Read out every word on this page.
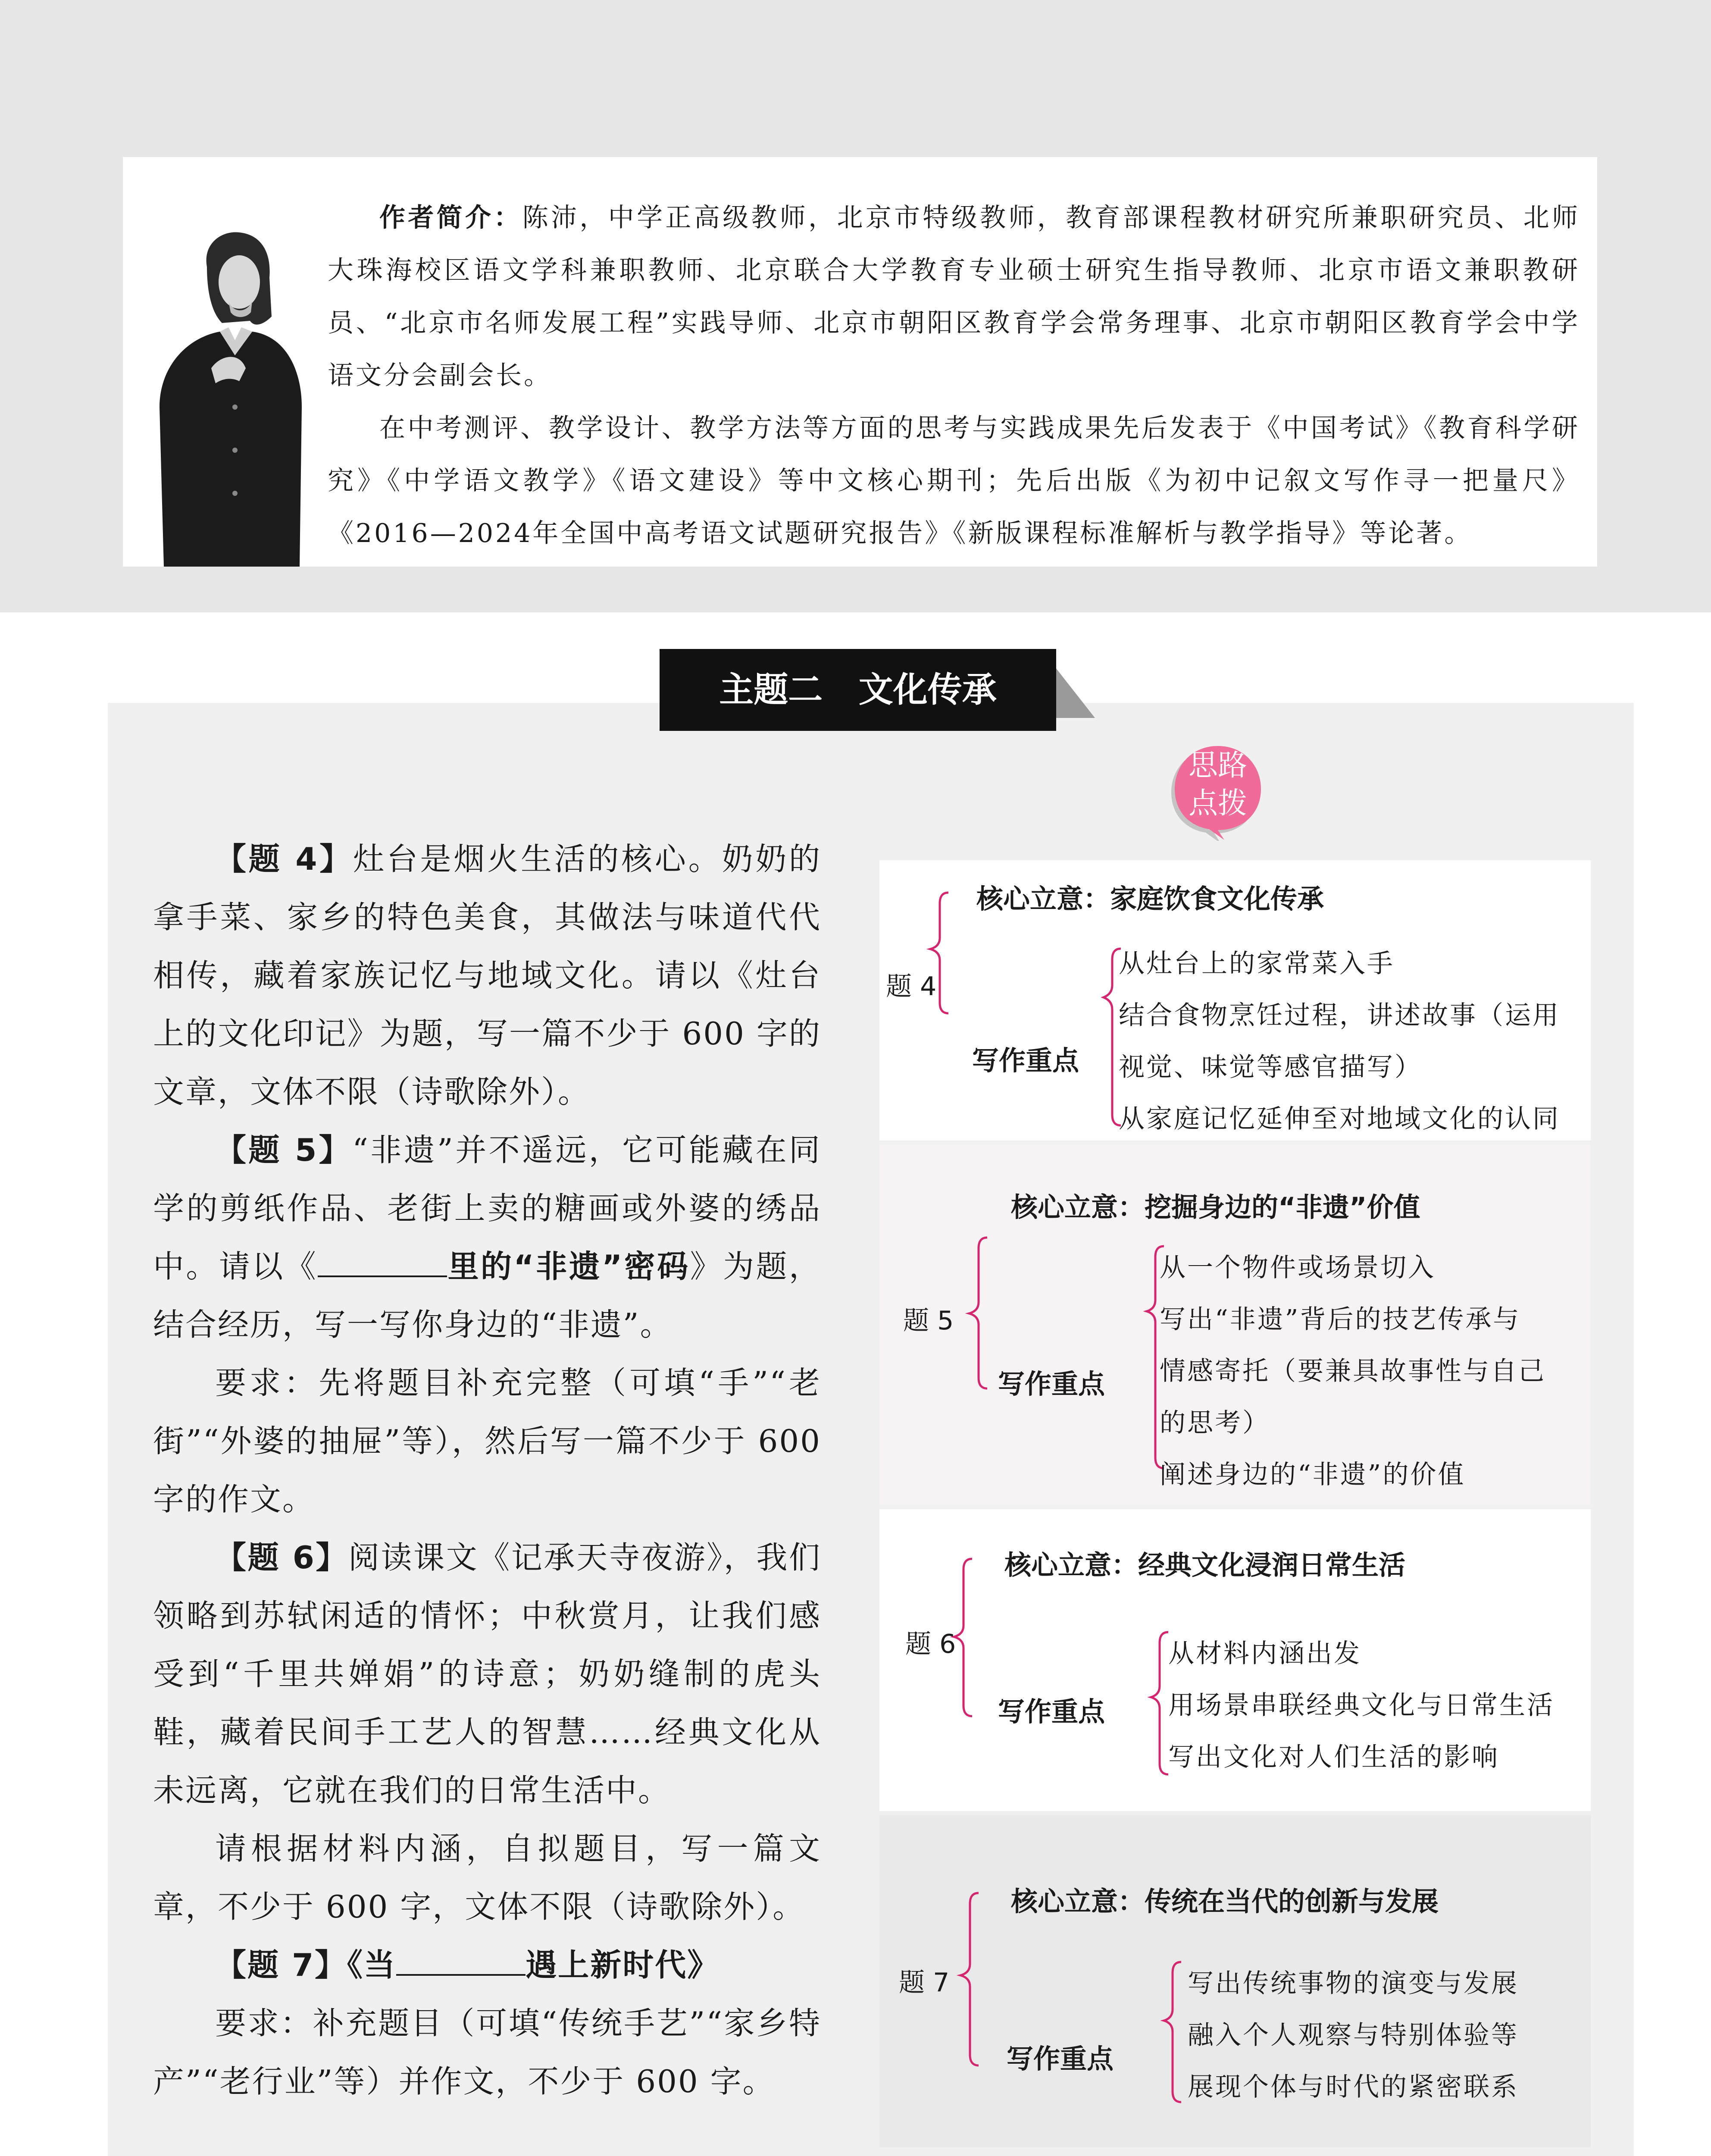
作者简介：陈沛，中学正高级教师，北京市特级教师，教育部课程教材研究所兼职研究员、北师大珠海校区语文学科兼职教师、北京联合大学教育专业硕士研究生指导教师、北京市语文兼职教研员、“北京市名师发展工程”实践导师、北京市朝阳区教育学会常务理事、北京市朝阳区教育学会中学语文分会副会长。

在中考测评、教学设计、教学方法等方面的思考与实践成果先后发表于《中国考试》《教育科学研究》《中学语文教学》《语文建设》等中文核心期刊；先后出版《为初中记叙文写作寻一把量尺》《2016—2024年全国中高考语文试题研究报告》《新版课程标准解析与教学指导》等论著。

主题二   文化传承
思路
点拨

【题 4】灶台是烟火生活的核心。奶奶的拿手菜、家乡的特色美食，其做法与味道代代相传，藏着家族记忆与地域文化。请以《灶台上的文化印记》为题，写一篇不少于 600 字的文章，文体不限（诗歌除外）。

【题 5】“非遗”并不遥远，它可能藏在同学的剪纸作品、老街上卖的糖画或外婆的绣品中。请以《	里的“非遗”密码》为题，结合经历，写一写你身边的“非遗”。

要求：先将题目补充完整（可填“手”“老街”“外婆的抽屉”等），然后写一篇不少于 600 字的作文。

【题 6】阅读课文《记承天寺夜游》，我们领略到苏轼闲适的情怀；中秋赏月，让我们感受到“千里共婵娟”的诗意；奶奶缝制的虎头鞋，藏着民间手工艺人的智慧……经典文化从未远离，它就在我们的日常生活中。

请根据材料内涵，自拟题目，写一篇文章，不少于 600 字，文体不限（诗歌除外）。

【题 7】《当	遇上新时代》

要求：补充题目（可填“传统手艺”“家乡特产”“老行业”等）并作文，不少于 600 字。

核心立意：家庭饮食文化传承
题 4
写作重点
从灶台上的家常菜入手
结合食物烹饪过程，讲述故事（运用
视觉、味觉等感官描写）
从家庭记忆延伸至对地域文化的认同
核心立意：挖掘身边的“非遗”价值
题 5
写作重点
从一个物件或场景切入
写出“非遗”背后的技艺传承与
情感寄托（要兼具故事性与自己
的思考）
阐述身边的“非遗”的价值
核心立意：经典文化浸润日常生活
题 6
写作重点
从材料内涵出发
用场景串联经典文化与日常生活
写出文化对人们生活的影响
核心立意：传统在当代的创新与发展
题 7
写作重点
写出传统事物的演变与发展
融入个人观察与特别体验等
展现个体与时代的紧密联系
